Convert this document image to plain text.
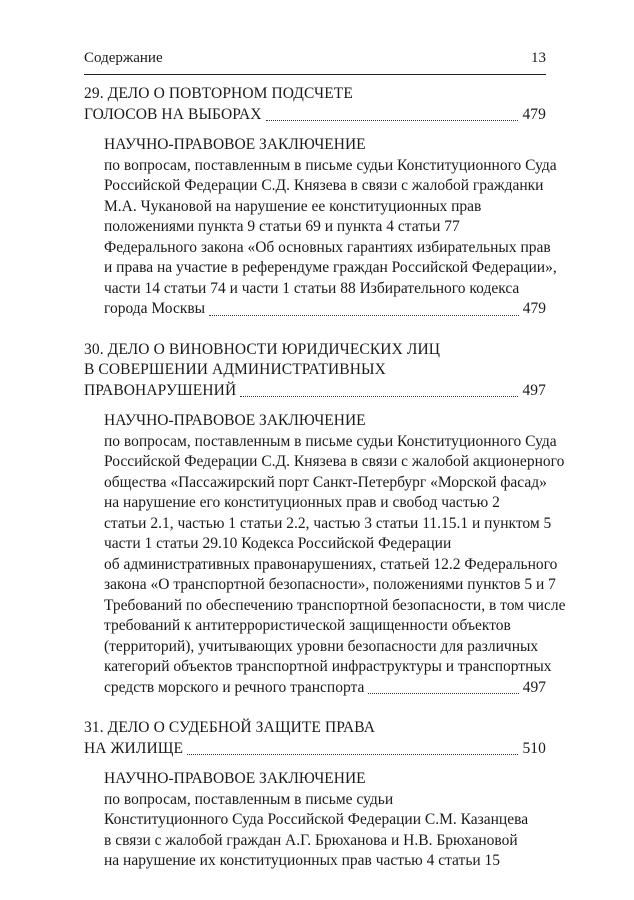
Содержание	13
29. ДЕЛО О ПОВТОРНОМ ПОДСЧЕТЕ
ГОЛОСОВ НА ВЫБОРАХ	479
НАУЧНО-ПРАВОВОЕ ЗАКЛЮЧЕНИЕ
по вопросам, поставленным в письме судьи Конституционного Суда
Российской Федерации С.Д. Князева в связи с жалобой гражданки
М.А. Чукановой на нарушение ее конституционных прав
положениями пункта 9 статьи 69 и пункта 4 статьи 77
Федерального закона «Об основных гарантиях избирательных прав
и права на участие в референдуме граждан Российской Федерации»,
части 14 статьи 74 и части 1 статьи 88 Избирательного кодекса
города Москвы	479
30. ДЕЛО О ВИНОВНОСТИ ЮРИДИЧЕСКИХ ЛИЦ
В СОВЕРШЕНИИ АДМИНИСТРАТИВНЫХ
ПРАВОНАРУШЕНИЙ	497
НАУЧНО-ПРАВОВОЕ ЗАКЛЮЧЕНИЕ
по вопросам, поставленным в письме судьи Конституционного Суда
Российской Федерации С.Д. Князева в связи с жалобой акционерного
общества «Пассажирский порт Санкт-Петербург «Морской фасад»
на нарушение его конституционных прав и свобод частью 2
статьи 2.1, частью 1 статьи 2.2, частью 3 статьи 11.15.1 и пунктом 5
части 1 статьи 29.10 Кодекса Российской Федерации
об административных правонарушениях, статьей 12.2 Федерального
закона «О транспортной безопасности», положениями пунктов 5 и 7
Требований по обеспечению транспортной безопасности, в том числе
требований к антитеррористической защищенности объектов
(территорий), учитывающих уровни безопасности для различных
категорий объектов транспортной инфраструктуры и транспортных
средств морского и речного транспорта	497
31. ДЕЛО О СУДЕБНОЙ ЗАЩИТЕ ПРАВА
НА ЖИЛИЩЕ	510
НАУЧНО-ПРАВОВОЕ ЗАКЛЮЧЕНИЕ
по вопросам, поставленным в письме судьи
Конституционного Суда Российской Федерации С.М. Казанцева
в связи с жалобой граждан А.Г. Брюханова и Н.В. Брюхановой
на нарушение их конституционных прав частью 4 статьи 15
